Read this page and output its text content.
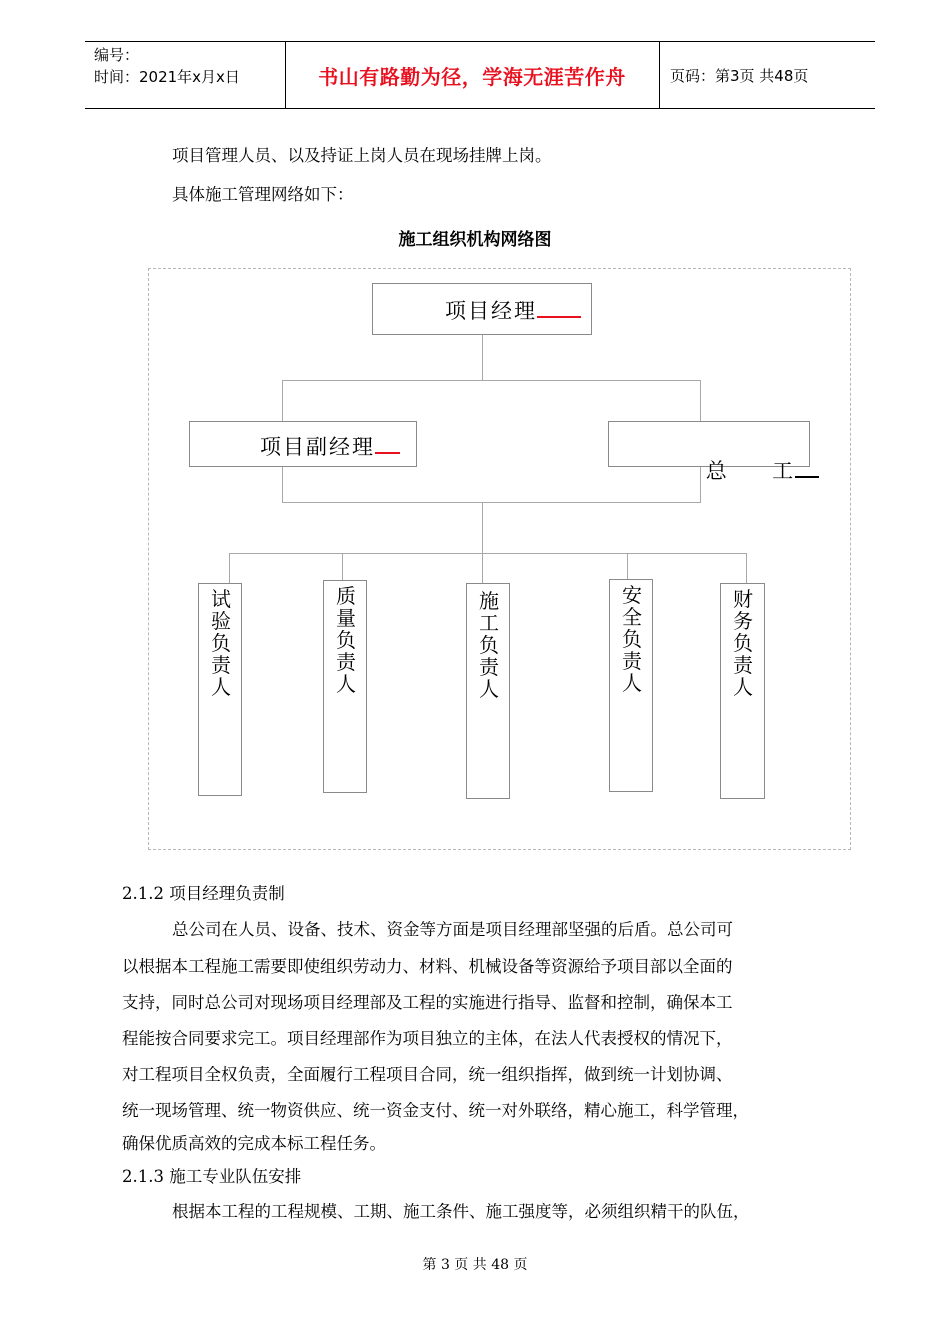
编号：
时间：2021年x月x日	书山有路勤为径，学海无涯苦作舟	页码：第3页 共48页
项目管理人员、以及持证上岗人员在现场挂牌上岗。
具体施工管理网络如下：
施工组织机构网络图
项目经理
项目副经理

总     工

试
验
负
责
人
质
量
负
责
人
施
工
负
责
人
安
全
负
责
人
财
务
负
责
人
2.1.2 项目经理负责制
总公司在人员、设备、技术、资金等方面是项目经理部坚强的后盾。总公司可
以根据本工程施工需要即使组织劳动力、材料、机械设备等资源给予项目部以全面的
支持，同时总公司对现场项目经理部及工程的实施进行指导、监督和控制，确保本工
程能按合同要求完工。项目经理部作为项目独立的主体，在法人代表授权的情况下，
对工程项目全权负责，全面履行工程项目合同，统一组织指挥，做到统一计划协调、
统一现场管理、统一物资供应、统一资金支付、统一对外联络，精心施工，科学管理，
确保优质高效的完成本标工程任务。
2.1.3 施工专业队伍安排
根据本工程的工程规模、工期、施工条件、施工强度等，必须组织精干的队伍，
第 3 页 共 48 页
